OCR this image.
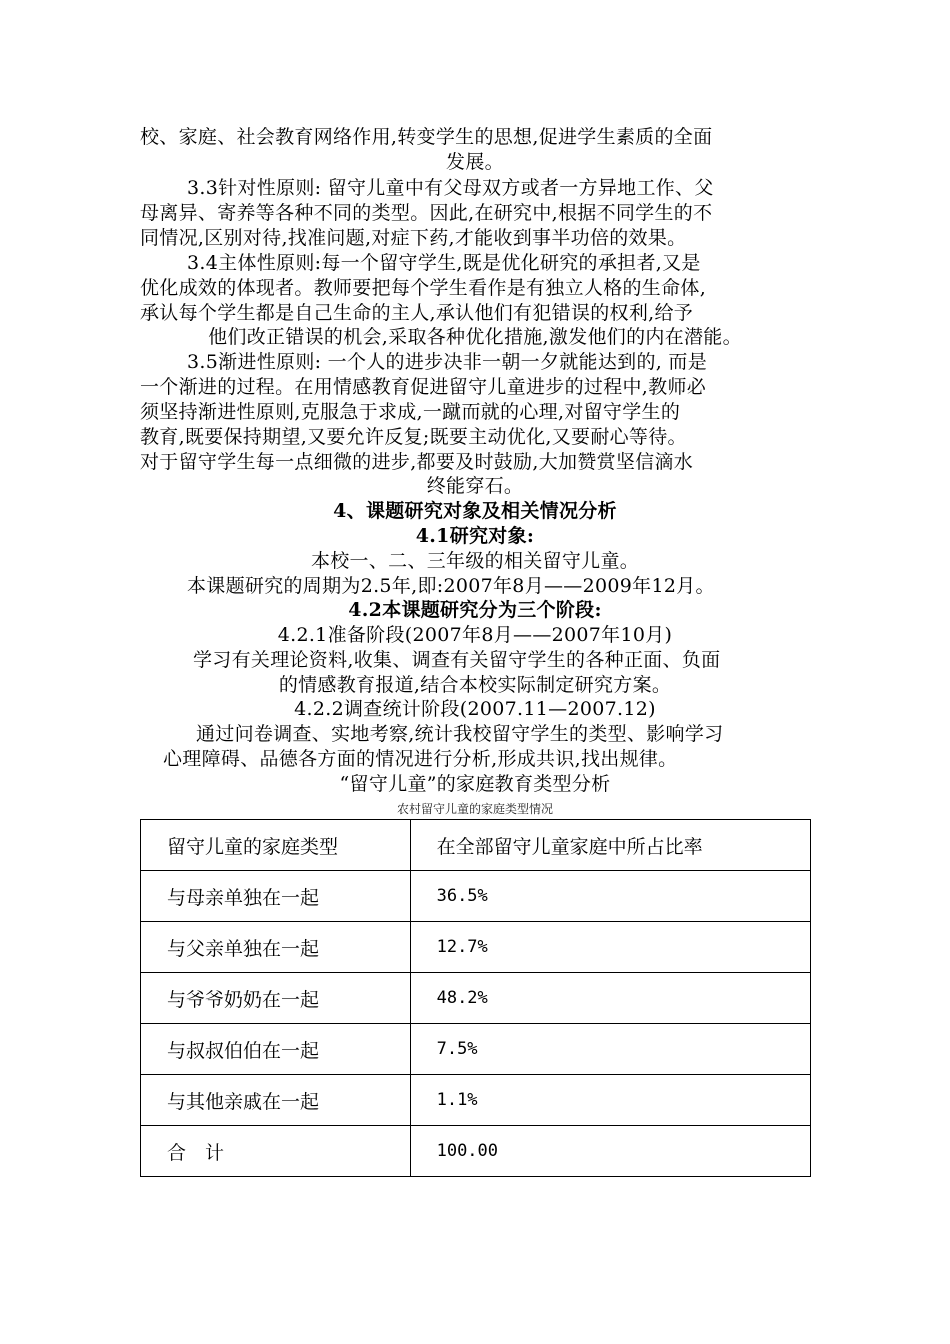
校、家庭、社会教育网络作用,转变学生的思想,促进学生素质的全面
发展。
3.3针对性原则: 留守儿童中有父母双方或者一方异地工作、父
母离异、寄养等各种不同的类型。因此,在研究中,根据不同学生的不
同情况,区别对待,找准问题,对症下药,才能收到事半功倍的效果。
3.4主体性原则:每一个留守学生,既是优化研究的承担者,又是
优化成效的体现者。教师要把每个学生看作是有独立人格的生命体,
承认每个学生都是自己生命的主人,承认他们有犯错误的权利,给予
他们改正错误的机会,采取各种优化措施,激发他们的内在潜能。
3.5渐进性原则: 一个人的进步决非一朝一夕就能达到的, 而是
一个渐进的过程。在用情感教育促进留守儿童进步的过程中,教师必
须坚持渐进性原则,克服急于求成,一蹴而就的心理,对留守学生的
教育,既要保持期望,又要允许反复;既要主动优化,又要耐心等待。
对于留守学生每一点细微的进步,都要及时鼓励,大加赞赏坚信滴水
终能穿石。
4、课题研究对象及相关情况分析
4.1研究对象:
本校一、二、三年级的相关留守儿童。
本课题研究的周期为2.5年,即:2007年8月——2009年12月。
4.2本课题研究分为三个阶段:
4.2.1准备阶段(2007年8月——2007年10月)
学习有关理论资料,收集、调查有关留守学生的各种正面、负面
的情感教育报道,结合本校实际制定研究方案。
4.2.2调查统计阶段(2007.11—2007.12)
通过问卷调查、实地考察,统计我校留守学生的类型、影响学习
心理障碍、品德各方面的情况进行分析,形成共识,找出规律。
“留守儿童”的家庭教育类型分析
农村留守儿童的家庭类型情况
留守儿童的家庭类型	在全部留守儿童家庭中所占比率
与母亲单独在一起	36.5%
与父亲单独在一起	12.7%
与爷爷奶奶在一起	48.2%
与叔叔伯伯在一起	7.5%
与其他亲戚在一起	1.1%
合　计	100.00
